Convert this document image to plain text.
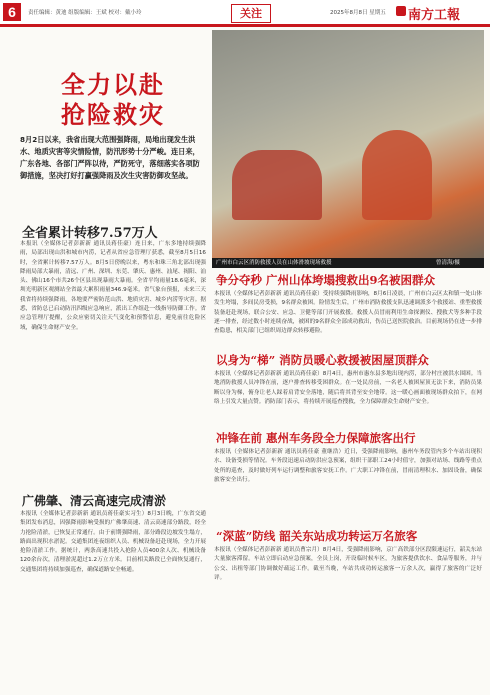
6	责任编辑：黄迪 组版编辑：王斌 校对：戴小玲	关注	2025年8月8日 星期五 南方工報
全力以赴
抢险救灾
8月2日以来，我省出现大范围强降雨，局地出现发生洪水、地质灾害等灾情险情，防汛形势十分严峻。连日来，广东各地、各部门严阵以待，严防死守，落细落实各项防御措施，坚决打好打赢强降雨及次生灾害防御攻坚战。
广州市白云区消防救援人员在山体滑坡现场救援	曾清海/摄
全省累计转移7.57万人
本报讯（全媒体记者彭新新 通讯员蒋佳豪）连日来，广东多地持续强降雨，局部出现山洪和城市内涝，记者从省应急管理厅获悉，截至8月5日16时，全省累计转移7.57万人。8月5日傍晚以来，粤东和珠三角北部出现强降雨局部大暴雨，清远、广州、深圳、东莞、肇庆、惠州、汕尾、揭阳、汕头、佛山16个市共26个区县出现暴雨大暴雨。全省平均雨量18.6毫米，深圳光明新区观测站全省最大累积雨量346.9毫米。省气象台预报，未来三天我省将持续强降雨，各地要严密防范山洪、地质灾害、城乡内涝等灾害。据悉，省防总已启动防汛四级应急响应，派出工作组赴一线指导防御工作。省应急管理厅提醒，公众应密切关注天气变化和预警信息，避免前往危险区域，确保生命财产安全。
广佛肇、清云高速完成清淤
本报讯（全媒体记者彭新新 通讯员蒋佳豪实习生）8月3日晚，广东省交通集团发布消息，因强降雨影响受损的广佛肇高速、清云高速部分路段，经全力抢险清淤，已恢复正常通行。由于前期强降雨，部分路段边坡发生塌方，路面出现积水淤泥。交通集团连夜组织人员、机械设备赶赴现场，全力开展抢险清淤工作。据统计，两条高速共投入抢险人员400余人次、机械设备120余台次，清理淤泥超过1.2万立方米。目前相关路段已全面恢复通行，交通集团将持续加强巡查，确保道路安全畅通。
争分夺秒 广州山体垮塌搜救出9名被困群众
本报讯（全媒体记者彭新新 通讯员蒋佳豪）受持续强降雨影响，8月6日凌晨，广州市白云区太和镇一处山体发生垮塌，多间民房受损，9名群众被困。险情发生后，广州市消防救援支队迅速调派多个救援站、重型救援装备赶赴现场，联合公安、应急、卫健等部门开展救援。救援人员冒雨利用生命探测仪、搜救犬等多种手段逐一排查，经过数小时连续奋战，被困的9名群众全部成功救出，伤员已送医院救治。目前现场仍在进一步排查隐患，相关部门已组织周边群众转移避险。
以身为“梯” 消防员暖心救援被困屋顶群众
本报讯（全媒体记者彭新新 通讯员蒋佳豪）8月4日，惠州市惠东县多地出现内涝，部分村庄被洪水围困。当地消防救援人员冲锋在前，逐户排查转移受困群众。在一处民房前，一名老人被困屋顶无法下来，消防员果断以身为梯，俯身让老人踩着肩背安全落地，随后将其背至安全地带。这一暖心画面被现场群众拍下，在网络上引发大量点赞。消防部门表示，将持续开展巡查搜救，全力保障群众生命财产安全。
冲锋在前 惠州车务段全力保障旅客出行
本报讯（全媒体记者彭新新 通讯员蒋佳豪 董继浩）近日，受强降雨影响，惠州车务段管内多个车站出现积水、设备受损等情况。车务段迅速启动防洪应急预案，组织干部职工24小时值守，加强对站场、线路等重点处所的巡查，及时做好列车运行调整和旅客安抚工作。广大职工冲锋在前，冒雨清理积水、加固设备，确保旅客安全出行。
“深蓝”防线 韶关东站成功转运万名旅客
本报讯（全媒体记者彭新新 通讯员曹宗月）8月4日，受强降雨影响，京广高铁部分区段限速运行，韶关东站大量旅客滞留。车站立即启动应急预案，全员上岗，开设临时候车区，为旅客提供饮水、食品等服务，并与公交、出租等部门协调做好疏运工作。截至当晚，车站共成功转运旅客一万余人次，赢得了旅客的广泛好评。
